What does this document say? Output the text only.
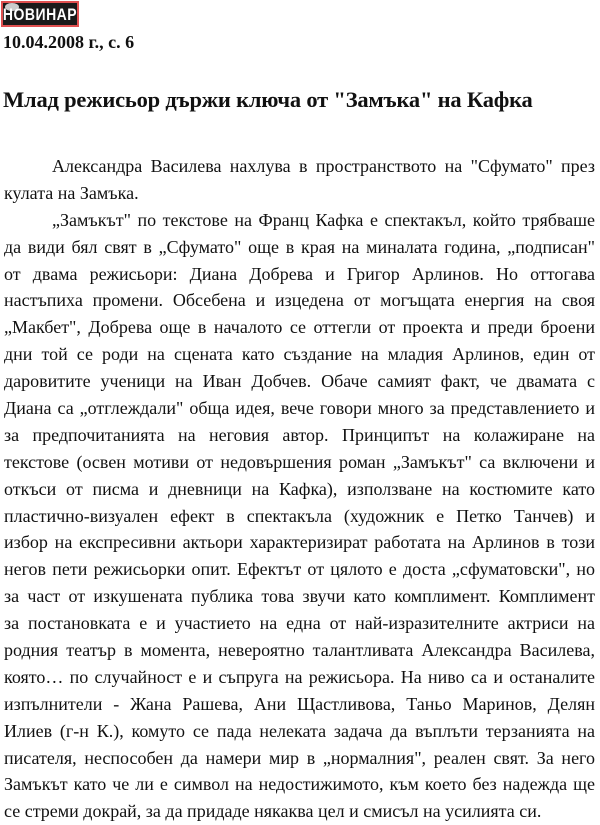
НОВИНАР
10.04.2008 г., с. 6
Млад режисьор държи ключа от "Замъка" на Кафка
Александра Василева нахлува в пространството на "Сфумато" през
кулата на Замъка.
„Замъкът" по текстове на Франц Кафка е спектакъл, който трябваше
да види бял свят в „Сфумато" още в края на миналата година, „подписан"
от двама режисьори: Диана Добрева и Григор Арлинов. Но оттогава
настъпиха промени. Обсебена и изцедена от могъщата енергия на своя
„Макбет", Добрева още в началото се оттегли от проекта и преди броени
дни той се роди на сцената като създание на младия Арлинов, един от
даровитите ученици на Иван Добчев. Обаче самият факт, че двамата с
Диана са „отглеждали" обща идея, вече говори много за представлението и
за предпочитанията на неговия автор. Принципът на колажиране на
текстове (освен мотиви от недовършения роман „Замъкът" са включени и
откъси от писма и дневници на Кафка), използване на костюмите като
пластично-визуален ефект в спектакъла (художник е Петко Танчев) и
избор на експресивни актьори характеризират работата на Арлинов в този
негов пети режисьорки опит. Ефектът от цялото е доста „сфуматовски", но
за част от изкушената публика това звучи като комплимент. Комплимент
за постановката е и участието на една от най-изразителните актриси на
родния театър в момента, невероятно талантливата Александра Василева,
която… по случайност е и съпруга на режисьора. На ниво са и останалите
изпълнители - Жана Рашева, Ани Щастливова, Таньо Маринов, Делян
Илиев (г-н К.), комуто се пада нелеката задача да въплъти терзанията на
писателя, неспособен да намери мир в „нормалния", реален свят. За него
Замъкът като че ли е символ на недостижимото, към което без надежда ще
се стреми докрай, за да придаде някаква цел и смисъл на усилията си.
